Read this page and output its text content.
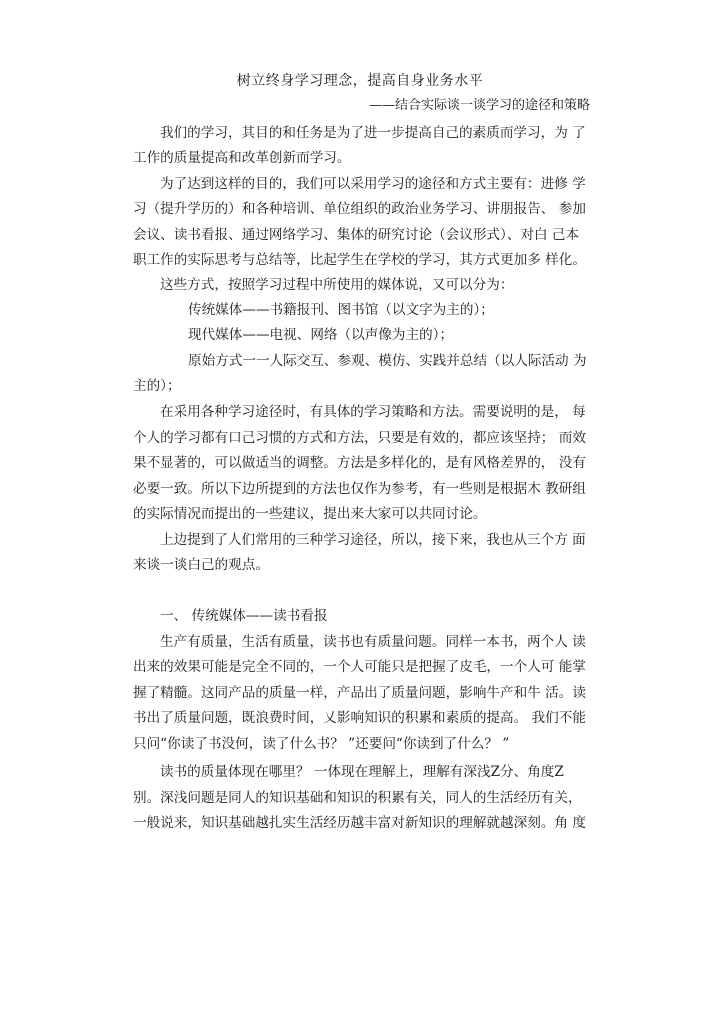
树立终身学习理念，提高自身业务水平
——结合实际谈一谈学习的途径和策略
我们的学习，其目的和任务是为了进一步提高自己的素质而学习，为 了
工作的质量提高和改革创新而学习。
为了达到这样的目的，我们可以采用学习的途径和方式主要有：进修 学
习（提升学历的）和各种培训、单位组织的政治业务学习、讲朋报告、 参加
会议、读书看报、通过网络学习、集体的研究讨论（会议形式）、对白 己本
职工作的实际思考与总结等，比起学生在学校的学习，其方式更加多 样化。
这些方式，按照学习过程中所使用的媒体说，又可以分为：
传统媒体——书籍报刊、图书馆（以文字为主的）；
现代媒体——电视、网络（以声像为主的）；
原始方式一一人际交互、参观、模仿、实践并总结（以人际活动 为
主的）；
在采用各种学习途径时，有具体的学习策略和方法。需要说明的是， 每
个人的学习都有口己习惯的方式和方法，只要是有效的，都应该坚持； 而效
果不显著的，可以做适当的调整。方法是多样化的，是有风格差界的， 没有
必要一致。所以下边所提到的方法也仅作为参考，有一些则是根据木 教研组
的实际情况而提出的一些建议，提出来大家可以共同讨论。
上边提到了人们常用的三种学习途径，所以，接下来，我也从三个方 面
来谈一谈白己的观点。
一、 传统媒体——读书看报
生产有质量，生活有质量，读书也有质量问题。同样一本书，两个人 读
出来的效果可能是完全不同的，一个人可能只是把握了皮毛，一个人可 能掌
握了精髓。这同产品的质量一样，产品出了质量问题，影响牛产和牛 活。读
书出了质量问题，既浪费时间，乂影响知识的积累和素质的提高。 我们不能
只问“你读了书没何，读了什么书？ ”还要问“你读到了什么？ ”
读书的质量体现在哪里？ 一体现在理解上，理解有深浅Z分、角度Z
别。深浅问题是同人的知识基础和知识的积累有关，同人的生活经历有关，
一般说来，知识基础越扎实生活经历越丰富对新知识的理解就越深刻。角 度
